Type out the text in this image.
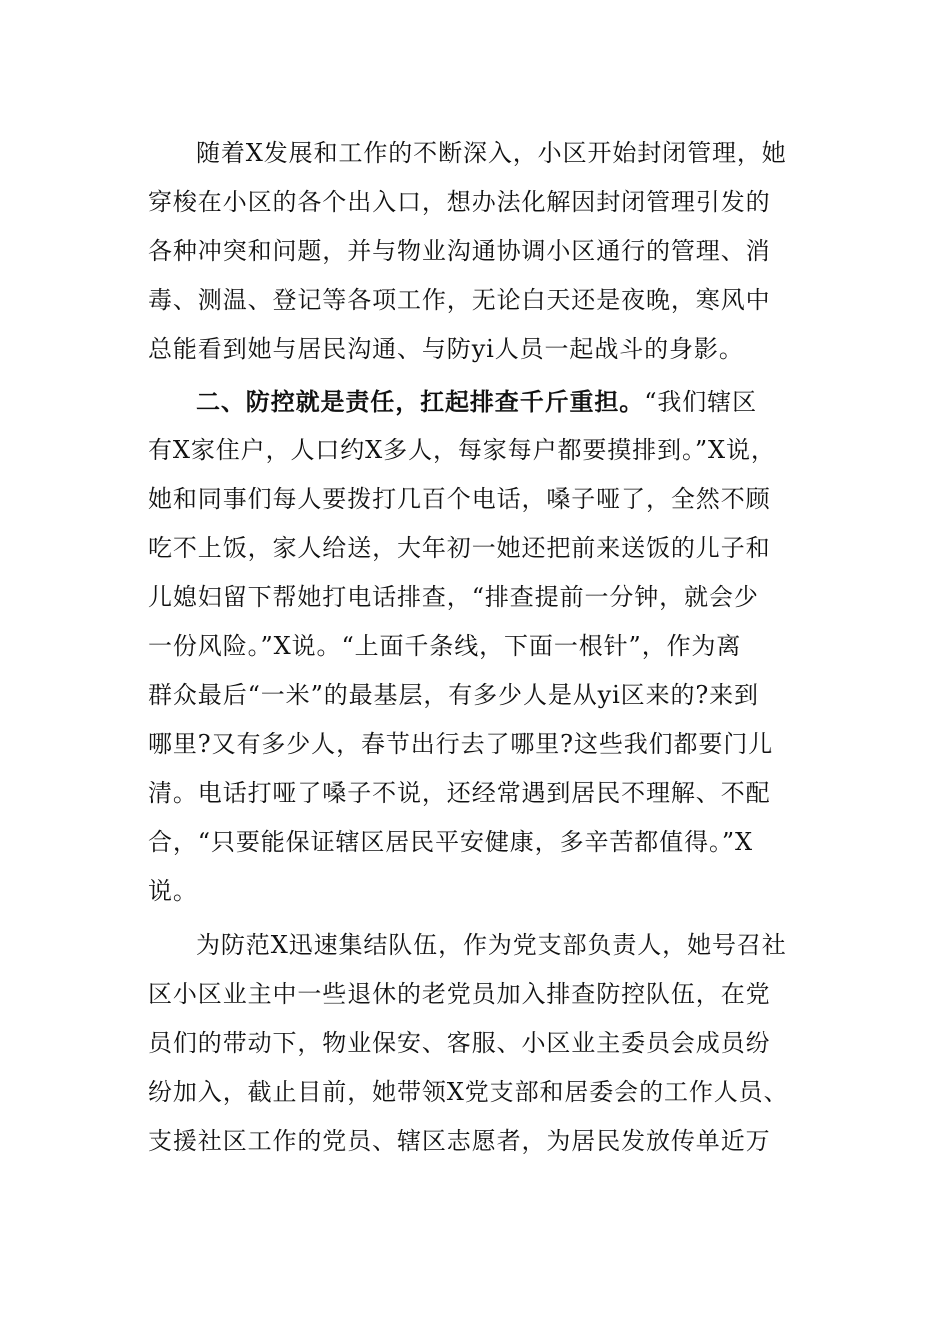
随着X发展和工作的不断深入，小区开始封闭管理，她
穿梭在小区的各个出入口，想办法化解因封闭管理引发的
各种冲突和问题，并与物业沟通协调小区通行的管理、消
毒、测温、登记等各项工作，无论白天还是夜晚，寒风中
总能看到她与居民沟通、与防yi人员一起战斗的身影。
二、防控就是责任，扛起排查千斤重担。“我们辖区
有X家住户，人口约X多人，每家每户都要摸排到。”X说，
她和同事们每人要拨打几百个电话，嗓子哑了，全然不顾
吃不上饭，家人给送，大年初一她还把前来送饭的儿子和
儿媳妇留下帮她打电话排查，“排查提前一分钟，就会少
一份风险。”X说。“上面千条线，下面一根针”，作为离
群众最后“一米”的最基层，有多少人是从yi区来的?来到
哪里?又有多少人，春节出行去了哪里?这些我们都要门儿
清。电话打哑了嗓子不说，还经常遇到居民不理解、不配
合，“只要能保证辖区居民平安健康，多辛苦都值得。”X
说。
为防范X迅速集结队伍，作为党支部负责人，她号召社
区小区业主中一些退休的老党员加入排查防控队伍，在党
员们的带动下，物业保安、客服、小区业主委员会成员纷
纷加入，截止目前，她带领X党支部和居委会的工作人员、
支援社区工作的党员、辖区志愿者，为居民发放传单近万
